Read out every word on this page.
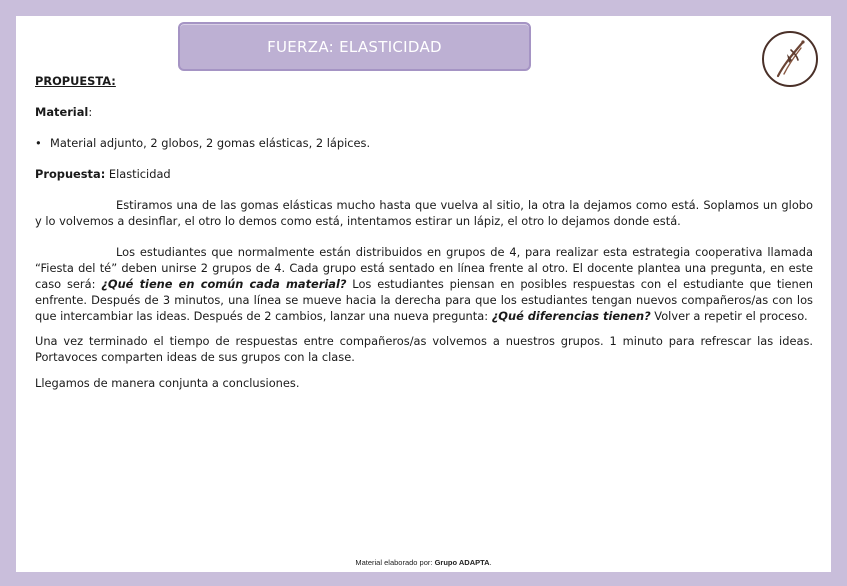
FUERZA: ELASTICIDAD

PROPUESTA:

Material:

• Material adjunto, 2 globos, 2 gomas elásticas, 2 lápices.

Propuesta: Elasticidad

Estiramos una de las gomas elásticas mucho hasta que vuelva al sitio, la otra la dejamos como está. Soplamos un globo y lo volvemos a desinflar, el otro lo demos como está, intentamos estirar un lápiz, el otro lo dejamos donde está.

Los estudiantes que normalmente están distribuidos en grupos de 4, para realizar esta estrategia cooperativa llamada “Fiesta del té” deben unirse 2 grupos de 4. Cada grupo está sentado en línea frente al otro. El docente plantea una pregunta, en este caso será: ¿Qué tiene en común cada material? Los estudiantes piensan en posibles respuestas con el estudiante que tienen enfrente. Después de 3 minutos, una línea se mueve hacia la derecha para que los estudiantes tengan nuevos compañeros/as con los que intercambiar las ideas. Después de 2 cambios, lanzar una nueva pregunta: ¿Qué diferencias tienen? Volver a repetir el proceso.

Una vez terminado el tiempo de respuestas entre compañeros/as volvemos a nuestros grupos. 1 minuto para refrescar las ideas. Portavoces comparten ideas de sus grupos con la clase.

Llegamos de manera conjunta a conclusiones.

Material elaborado por: Grupo ADAPTA.
